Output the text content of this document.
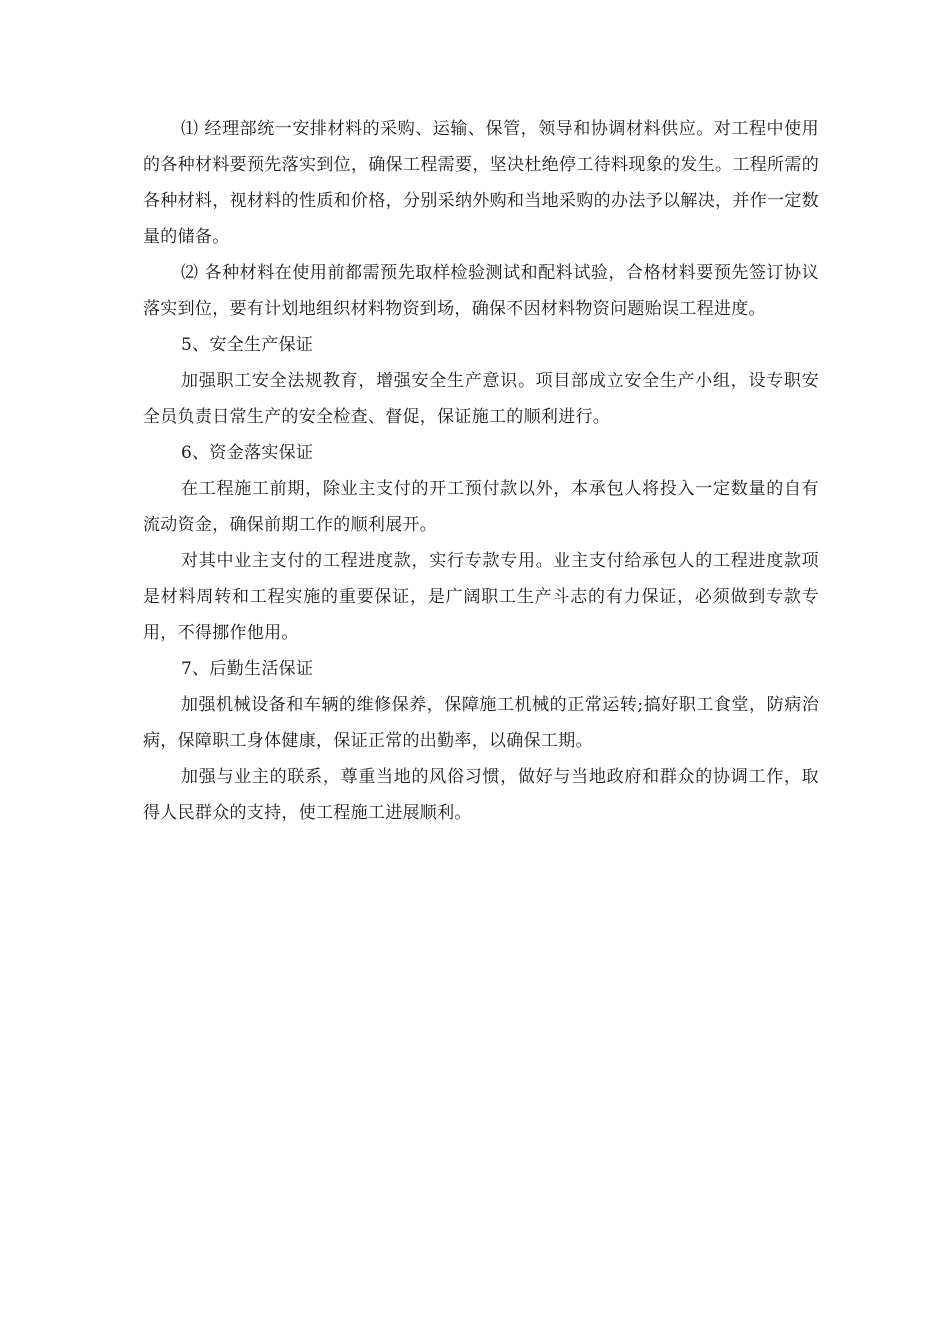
⑴ 经理部统一安排材料的采购、运输、保管，领导和协调材料供应。对工程中使用的各种材料要预先落实到位，确保工程需要，坚决杜绝停工待料现象的发生。工程所需的各种材料，视材料的性质和价格，分别采纳外购和当地采购的办法予以解决，并作一定数量的储备。

⑵ 各种材料在使用前都需预先取样检验测试和配料试验，合格材料要预先签订协议落实到位，要有计划地组织材料物资到场，确保不因材料物资问题贻误工程进度。

5、安全生产保证

加强职工安全法规教育，增强安全生产意识。项目部成立安全生产小组，设专职安全员负责日常生产的安全检查、督促，保证施工的顺利进行。

6、资金落实保证

在工程施工前期，除业主支付的开工预付款以外，本承包人将投入一定数量的自有流动资金，确保前期工作的顺利展开。

对其中业主支付的工程进度款，实行专款专用。业主支付给承包人的工程进度款项是材料周转和工程实施的重要保证，是广阔职工生产斗志的有力保证，必须做到专款专用，不得挪作他用。

7、后勤生活保证

加强机械设备和车辆的维修保养，保障施工机械的正常运转;搞好职工食堂，防病治病，保障职工身体健康，保证正常的出勤率，以确保工期。

加强与业主的联系，尊重当地的风俗习惯，做好与当地政府和群众的协调工作，取得人民群众的支持，使工程施工进展顺利。
